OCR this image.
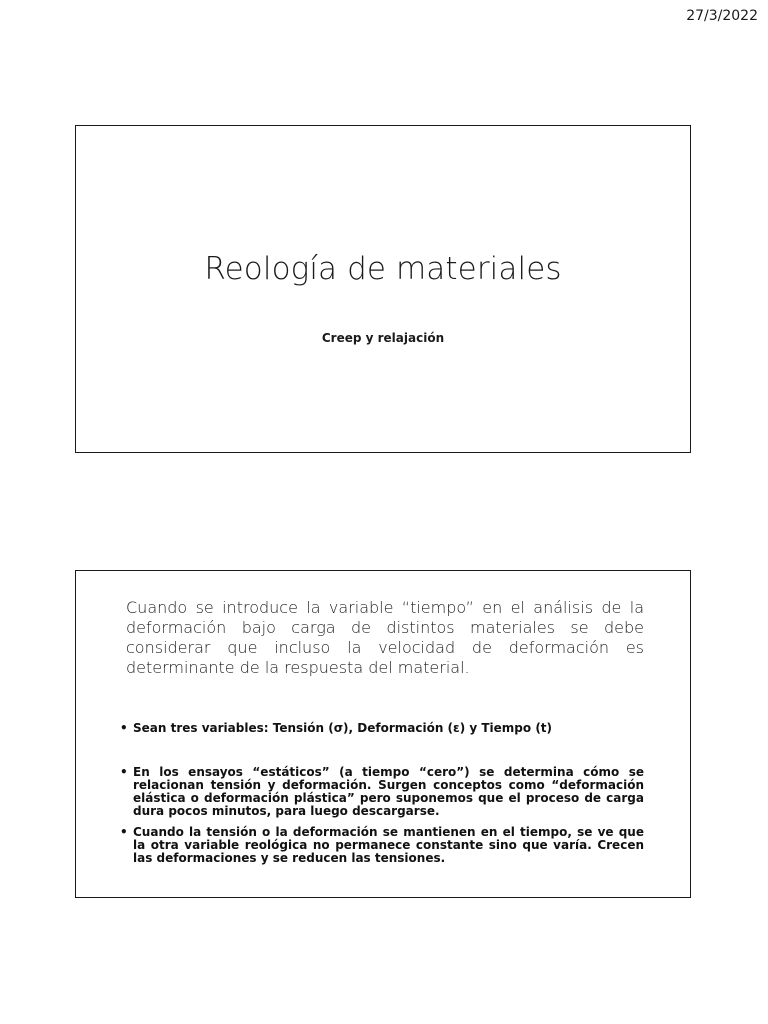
27/3/2022
Reología de materiales
Creep y relajación
Cuando se introduce la variable “tiempo” en el análisis de la deformación bajo carga de distintos materiales se debe considerar que incluso la velocidad de deformación es determinante de la respuesta del material.
• Sean tres variables: Tensión (σ), Deformación (ε) y Tiempo (t)
• En los ensayos “estáticos” (a tiempo “cero”) se determina cómo se relacionan tensión y deformación. Surgen conceptos como “deformación elástica o deformación plástica” pero suponemos que el proceso de carga dura pocos minutos, para luego descargarse.
• Cuando la tensión o la deformación se mantienen en el tiempo, se ve que la otra variable reológica no permanece constante sino que varía. Crecen las deformaciones y se reducen las tensiones.
